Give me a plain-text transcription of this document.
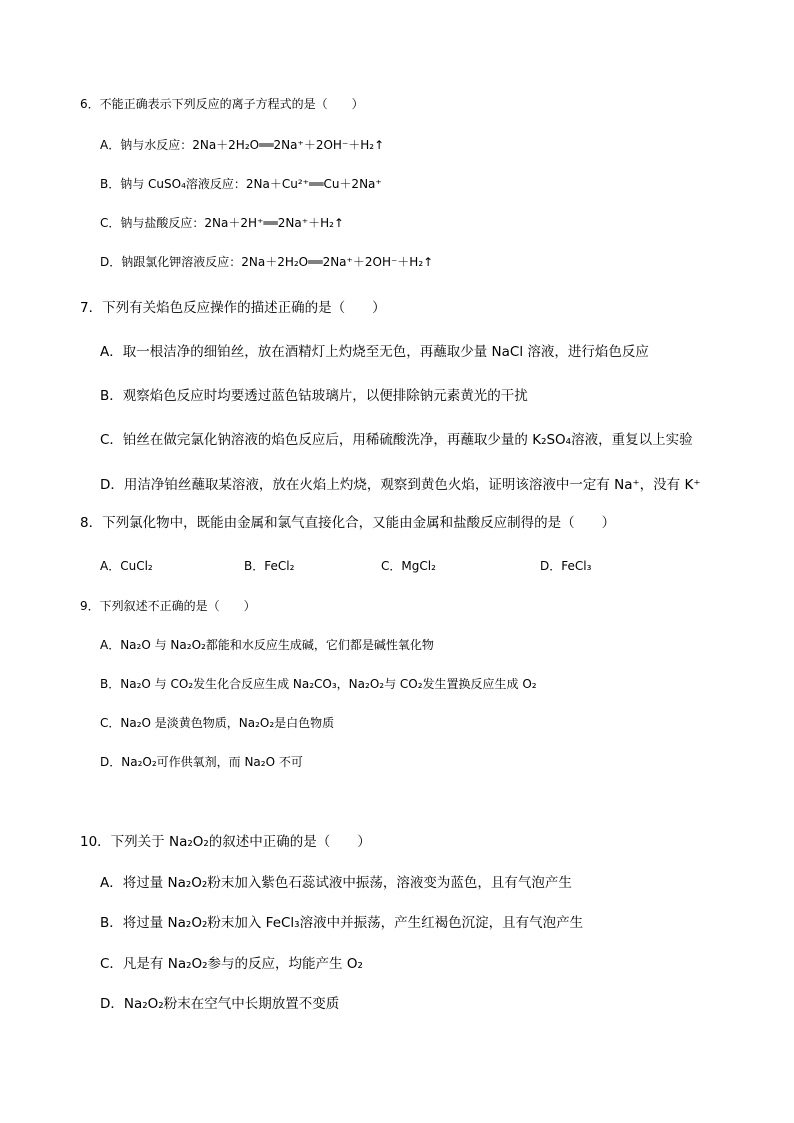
6．不能正确表示下列反应的离子方程式的是（　　）
A．钠与水反应：2Na＋2H₂O══2Na⁺＋2OH⁻＋H₂↑
B．钠与 CuSO₄溶液反应：2Na＋Cu²⁺══Cu＋2Na⁺
C．钠与盐酸反应：2Na＋2H⁺══2Na⁺＋H₂↑
D．钠跟氯化钾溶液反应：2Na＋2H₂O══2Na⁺＋2OH⁻＋H₂↑
7．下列有关焰色反应操作的描述正确的是（　　）
A．取一根洁净的细铂丝，放在酒精灯上灼烧至无色，再蘸取少量 NaCl 溶液，进行焰色反应
B．观察焰色反应时均要透过蓝色钴玻璃片，以便排除钠元素黄光的干扰
C．铂丝在做完氯化钠溶液的焰色反应后，用稀硫酸洗净，再蘸取少量的 K₂SO₄溶液，重复以上实验
D．用洁净铂丝蘸取某溶液，放在火焰上灼烧，观察到黄色火焰，证明该溶液中一定有 Na⁺，没有 K⁺
8．下列氯化物中，既能由金属和氯气直接化合，又能由金属和盐酸反应制得的是（　　）
A．CuCl₂	B．FeCl₂	C．MgCl₂	D．FeCl₃
9．下列叙述不正确的是（　　）
A．Na₂O 与 Na₂O₂都能和水反应生成碱，它们都是碱性氧化物
B．Na₂O 与 CO₂发生化合反应生成 Na₂CO₃，Na₂O₂与 CO₂发生置换反应生成 O₂
C．Na₂O 是淡黄色物质，Na₂O₂是白色物质
D．Na₂O₂可作供氧剂，而 Na₂O 不可
10．下列关于 Na₂O₂的叙述中正确的是（　　）
A．将过量 Na₂O₂粉末加入紫色石蕊试液中振荡，溶液变为蓝色，且有气泡产生
B．将过量 Na₂O₂粉末加入 FeCl₃溶液中并振荡，产生红褐色沉淀，且有气泡产生
C．凡是有 Na₂O₂参与的反应，均能产生 O₂
D．Na₂O₂粉末在空气中长期放置不变质
